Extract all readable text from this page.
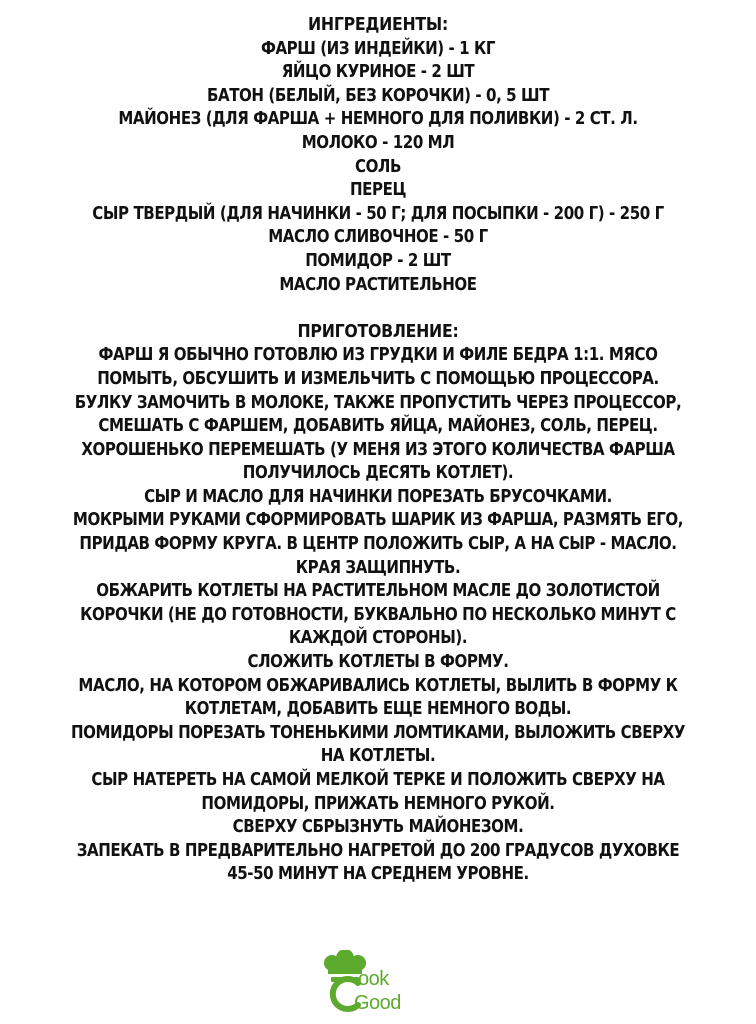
ИНГРЕДИЕНТЫ:
ФАРШ (ИЗ ИНДЕЙКИ) - 1 КГ
ЯЙЦО КУРИНОЕ - 2 ШТ
БАТОН (БЕЛЫЙ, БЕЗ КОРОЧКИ) - 0, 5 ШТ
МАЙОНЕЗ (ДЛЯ ФАРША + НЕМНОГО ДЛЯ ПОЛИВКИ) - 2 СТ. Л.
МОЛОКО - 120 МЛ
СОЛЬ
ПЕРЕЦ
СЫР ТВЕРДЫЙ (ДЛЯ НАЧИНКИ - 50 Г; ДЛЯ ПОСЫПКИ - 200 Г) - 250 Г
МАСЛО СЛИВОЧНОЕ - 50 Г
ПОМИДОР - 2 ШТ
МАСЛО РАСТИТЕЛЬНОЕ
ПРИГОТОВЛЕНИЕ:
ФАРШ Я ОБЫЧНО ГОТОВЛЮ ИЗ ГРУДКИ И ФИЛЕ БЕДРА 1:1. МЯСО
ПОМЫТЬ, ОБСУШИТЬ И ИЗМЕЛЬЧИТЬ С ПОМОЩЬЮ ПРОЦЕССОРА.
БУЛКУ ЗАМОЧИТЬ В МОЛОКЕ, ТАКЖЕ ПРОПУСТИТЬ ЧЕРЕЗ ПРОЦЕССОР,
СМЕШАТЬ С ФАРШЕМ, ДОБАВИТЬ ЯЙЦА, МАЙОНЕЗ, СОЛЬ, ПЕРЕЦ.
ХОРОШЕНЬКО ПЕРЕМЕШАТЬ (У МЕНЯ ИЗ ЭТОГО КОЛИЧЕСТВА ФАРША
ПОЛУЧИЛОСЬ ДЕСЯТЬ КОТЛЕТ).
СЫР И МАСЛО ДЛЯ НАЧИНКИ ПОРЕЗАТЬ БРУСОЧКАМИ.
МОКРЫМИ РУКАМИ СФОРМИРОВАТЬ ШАРИК ИЗ ФАРША, РАЗМЯТЬ ЕГО,
ПРИДАВ ФОРМУ КРУГА. В ЦЕНТР ПОЛОЖИТЬ СЫР, А НА СЫР - МАСЛО.
КРАЯ ЗАЩИПНУТЬ.
ОБЖАРИТЬ КОТЛЕТЫ НА РАСТИТЕЛЬНОМ МАСЛЕ ДО ЗОЛОТИСТОЙ
КОРОЧКИ (НЕ ДО ГОТОВНОСТИ, БУКВАЛЬНО ПО НЕСКОЛЬКО МИНУТ С
КАЖДОЙ СТОРОНЫ).
СЛОЖИТЬ КОТЛЕТЫ В ФОРМУ.
МАСЛО, НА КОТОРОМ ОБЖАРИВАЛИСЬ КОТЛЕТЫ, ВЫЛИТЬ В ФОРМУ К
КОТЛЕТАМ, ДОБАВИТЬ ЕЩЕ НЕМНОГО ВОДЫ.
ПОМИДОРЫ ПОРЕЗАТЬ ТОНЕНЬКИМИ ЛОМТИКАМИ, ВЫЛОЖИТЬ СВЕРХУ
НА КОТЛЕТЫ.
СЫР НАТЕРЕТЬ НА САМОЙ МЕЛКОЙ ТЕРКЕ И ПОЛОЖИТЬ СВЕРХУ НА
ПОМИДОРЫ, ПРИЖАТЬ НЕМНОГО РУКОЙ.
СВЕРХУ СБРЫЗНУТЬ МАЙОНЕЗОМ.
ЗАПЕКАТЬ В ПРЕДВАРИТЕЛЬНО НАГРЕТОЙ ДО 200 ГРАДУСОВ ДУХОВКЕ
45-50 МИНУТ НА СРЕДНЕМ УРОВНЕ.
ook
Good
